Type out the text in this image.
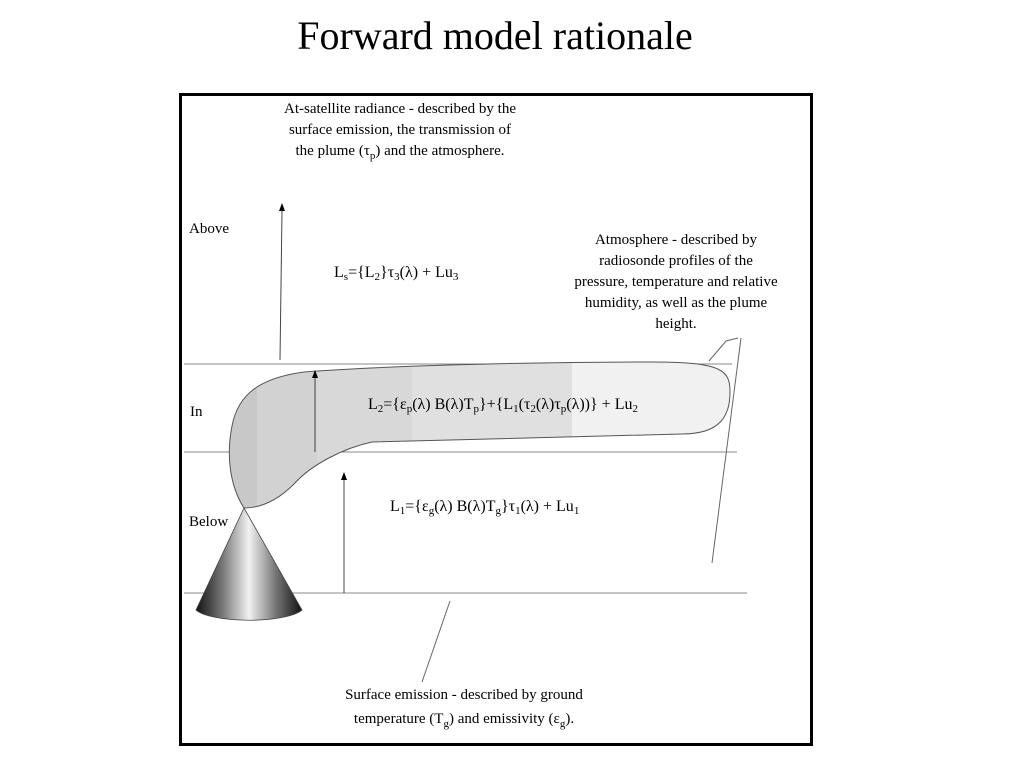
Forward model rationale
Above
In
Below
At-satellite radiance - described by the
surface emission, the transmission of
the plume $(\tau_p)$ and the atmosphere.
Atmosphere - described by
radiosonde profiles of the
pressure, temperature and relative
humidity, as well as the plume
height.
Surface emission - described by ground
temperature $(T_g)$ and emissivity $(\varepsilon_g)$.
$L_s=\{L_2\}\tau_3(\lambda) + Lu_3$
$L_2=\{\varepsilon_p(\lambda) B(\lambda)T_p\}+\{L_1(\tau_2(\lambda)\tau_p(\lambda))\} + Lu_2$
$L_1=\{\varepsilon_g(\lambda) B(\lambda)T_g\}\tau_1(\lambda) + Lu_1$
